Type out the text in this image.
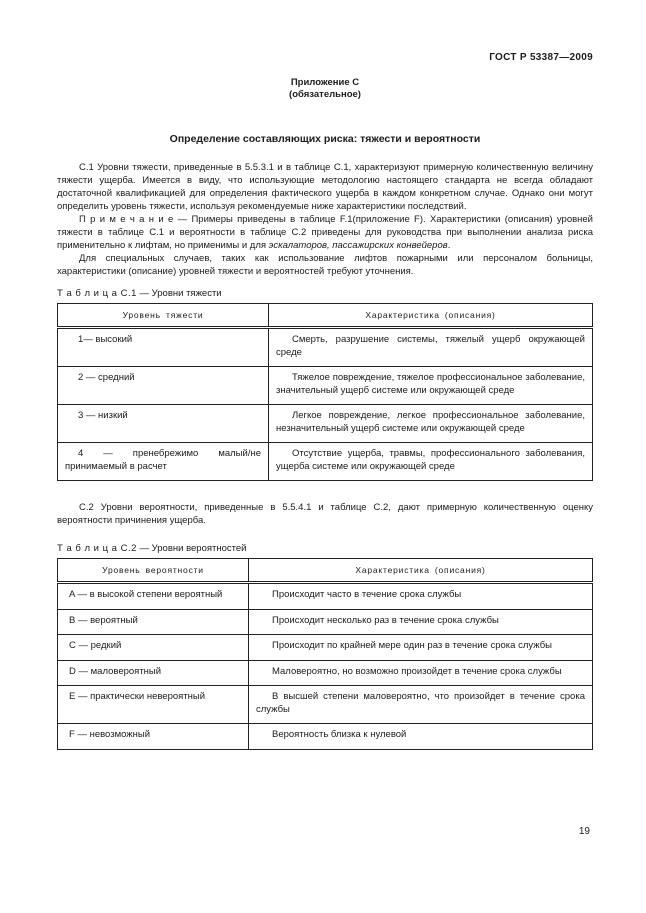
ГОСТ Р 53387—2009
Приложение С
(обязательное)
Определение составляющих риска: тяжести и вероятности

С.1 Уровни тяжести, приведенные в 5.5.3.1 и в таблице С.1, характеризуют примерную количественную величину тяжести ущерба. Имеется в виду, что использующие методологию настоящего стандарта не всегда обладают достаточной квалификацией для определения фактического ущерба в каждом конкретном случае. Однако они могут определить уровень тяжести, используя рекомендуемые ниже характеристики последствий.

П р и м е ч а н и е — Примеры приведены в таблице F.1(приложение F). Характеристики (описания) уровней тяжести в таблице С.1 и вероятности в таблице С.2 приведены для руководства при выполнении анализа риска применительно к лифтам, но применимы и для эскалаторов, пассажирских конвейеров.

Для специальных случаев, таких как использование лифтов пожарными или персоналом больницы, характеристики (описание) уровней тяжести и вероятностей требуют уточнения.

Т а б л и ц а С.1 — Уровни тяжести
Уровень тяжести	Характеристика (описания)
1— высокий	Смерть, разрушение системы, тяжелый ущерб окружающей среде
2 — средний	Тяжелое повреждение, тяжелое профессиональное заболевание, значительный ущерб системе или окружающей среде
3 — низкий	Легкое повреждение, легкое профессиональное заболевание, незначительный ущерб системе или окружающей среде
4 — пренебрежимо малый/не принимаемый в расчет	Отсутствие ущерба, травмы, профессионального заболевания, ущерба системе или окружающей среде

С.2 Уровни вероятности, приведенные в 5.5.4.1 и таблице С.2, дают примерную количественную оценку вероятности причинения ущерба.

Т а б л и ц а С.2 — Уровни вероятностей
Уровень вероятности	Характеристика (описания)
A — в высокой степени вероятный	Происходит часто в течение срока службы
B — вероятный	Происходит несколько раз в течение срока службы
C — редкий	Происходит по крайней мере один раз в течение срока службы
D — маловероятный	Маловероятно, но возможно произойдет в течение срока службы
E — практически невероятный	В высшей степени маловероятно, что произойдет в течение срока службы
F — невозможный	Вероятность близка к нулевой
19
